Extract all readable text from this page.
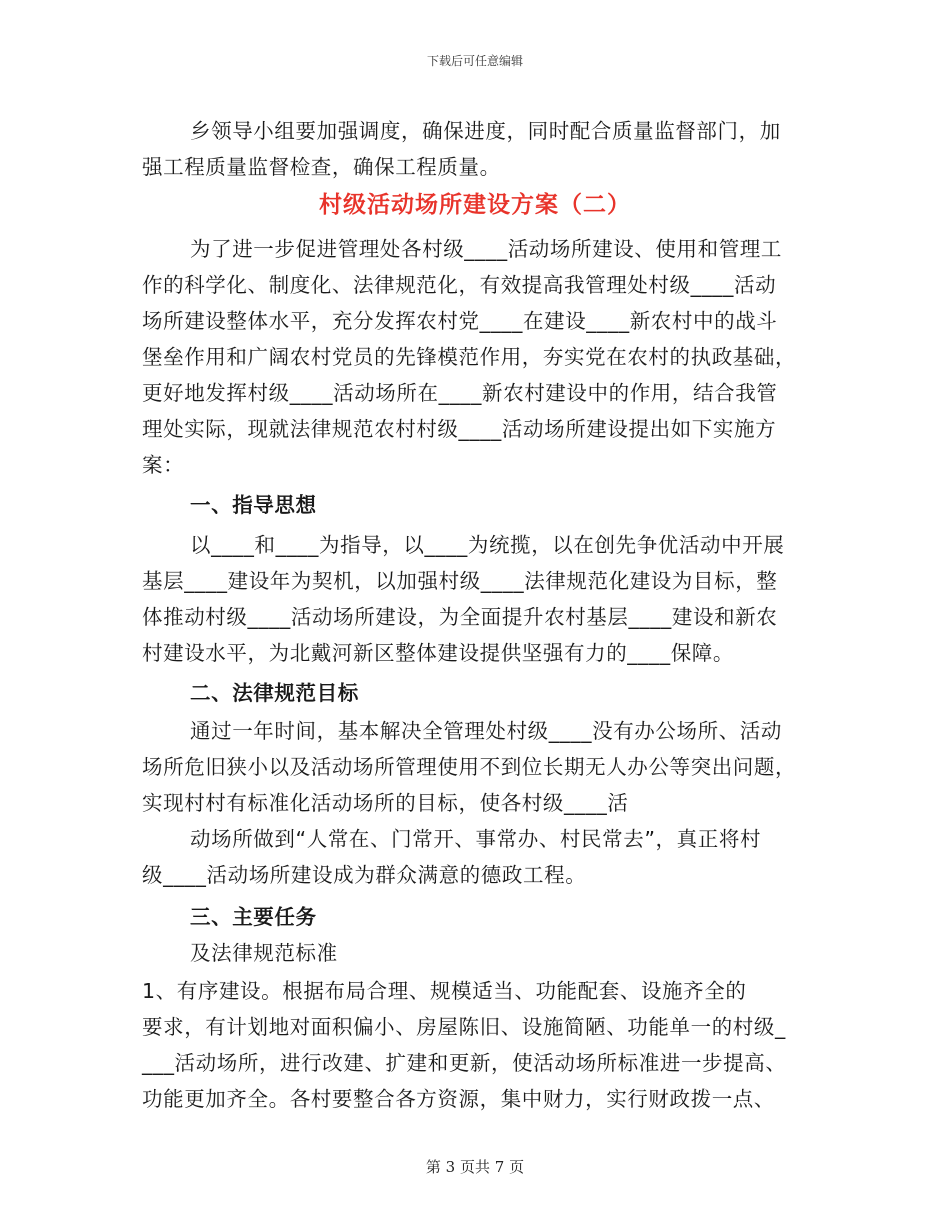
下载后可任意编辑
乡领导小组要加强调度，确保进度，同时配合质量监督部门，加
强工程质量监督检查，确保工程质量。
村级活动场所建设方案（二）
为了进一步促进管理处各村级____活动场所建设、使用和管理工
作的科学化、制度化、法律规范化，有效提高我管理处村级____活动
场所建设整体水平，充分发挥农村党____在建设____新农村中的战斗
堡垒作用和广阔农村党员的先锋模范作用，夯实党在农村的执政基础，
更好地发挥村级____活动场所在____新农村建设中的作用，结合我管
理处实际，现就法律规范农村村级____活动场所建设提出如下实施方
案：
一、指导思想
以____和____为指导，以____为统揽，以在创先争优活动中开展
基层____建设年为契机，以加强村级____法律规范化建设为目标，整
体推动村级____活动场所建设，为全面提升农村基层____建设和新农
村建设水平，为北戴河新区整体建设提供坚强有力的____保障。
二、法律规范目标
通过一年时间，基本解决全管理处村级____没有办公场所、活动
场所危旧狭小以及活动场所管理使用不到位长期无人办公等突出问题，
实现村村有标准化活动场所的目标，使各村级____活
动场所做到“人常在、门常开、事常办、村民常去”，真正将村
级____活动场所建设成为群众满意的德政工程。
三、主要任务
及法律规范标准
1、有序建设。根据布局合理、规模适当、功能配套、设施齐全的
要求，有计划地对面积偏小、房屋陈旧、设施简陋、功能单一的村级_
___活动场所，进行改建、扩建和更新，使活动场所标准进一步提高、
功能更加齐全。各村要整合各方资源，集中财力，实行财政拨一点、
第 3 页共 7 页
